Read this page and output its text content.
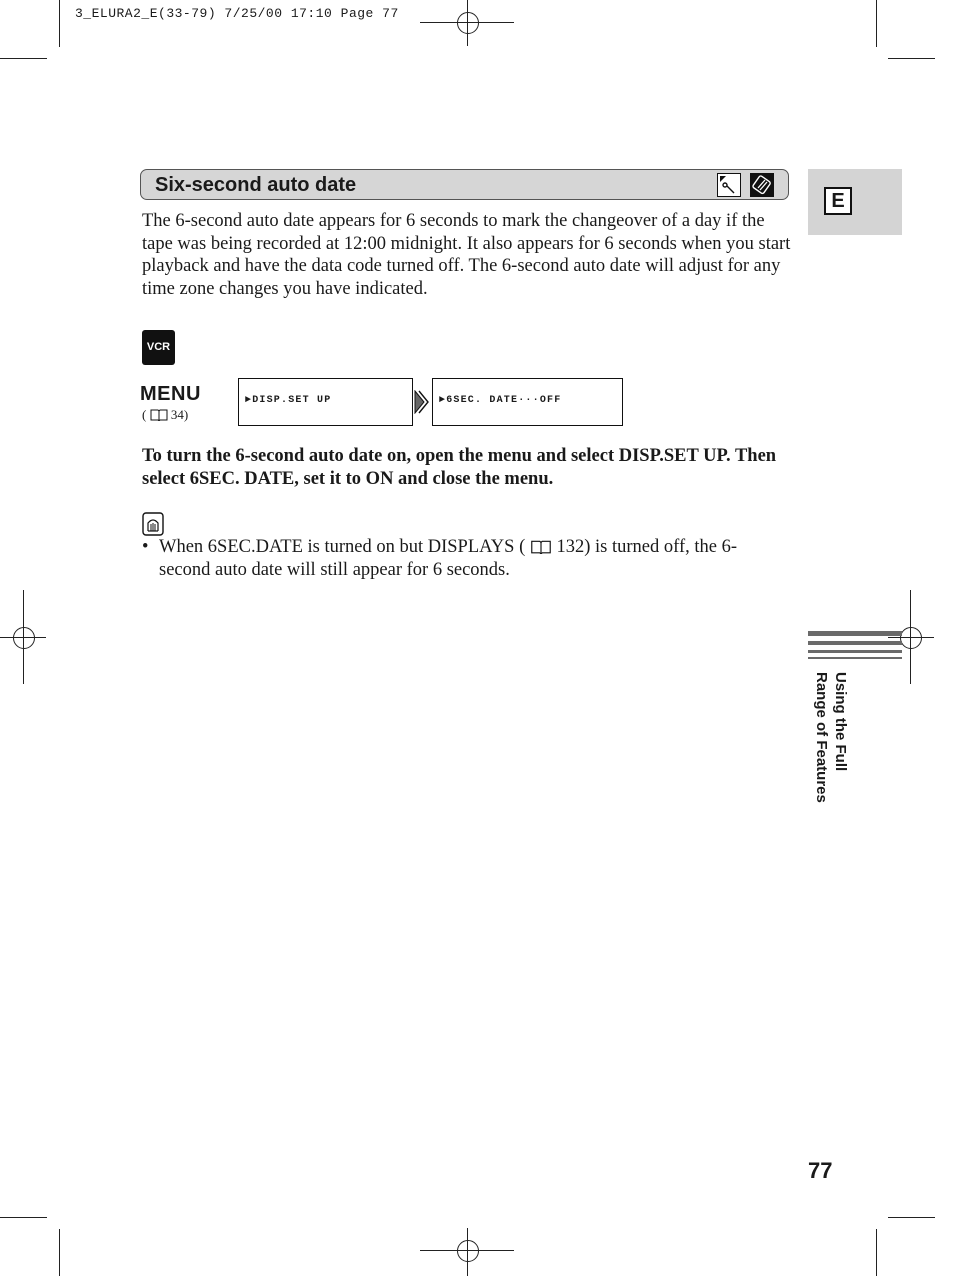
3_ELURA2_E(33-79) 7/25/00 17:10 Page 77
Six-second auto date
E
The 6-second auto date appears for 6 seconds to mark the changeover of a day if the tape was being recorded at 12:00 midnight. It also appears for 6 seconds when you start playback and have the data code turned off. The 6-second auto date will adjust for any time zone changes you have indicated.
VCR
MENU
( 34)
►DISP.SET UP	►6SEC. DATE···OFF
To turn the 6-second auto date on, open the menu and select DISP.SET UP. Then select 6SEC. DATE, set it to ON and close the menu.
• When 6SEC.DATE is turned on but DISPLAYS ( 132) is turned off, the 6-second auto date will still appear for 6 seconds.
Using the Full
Range of Features
77
